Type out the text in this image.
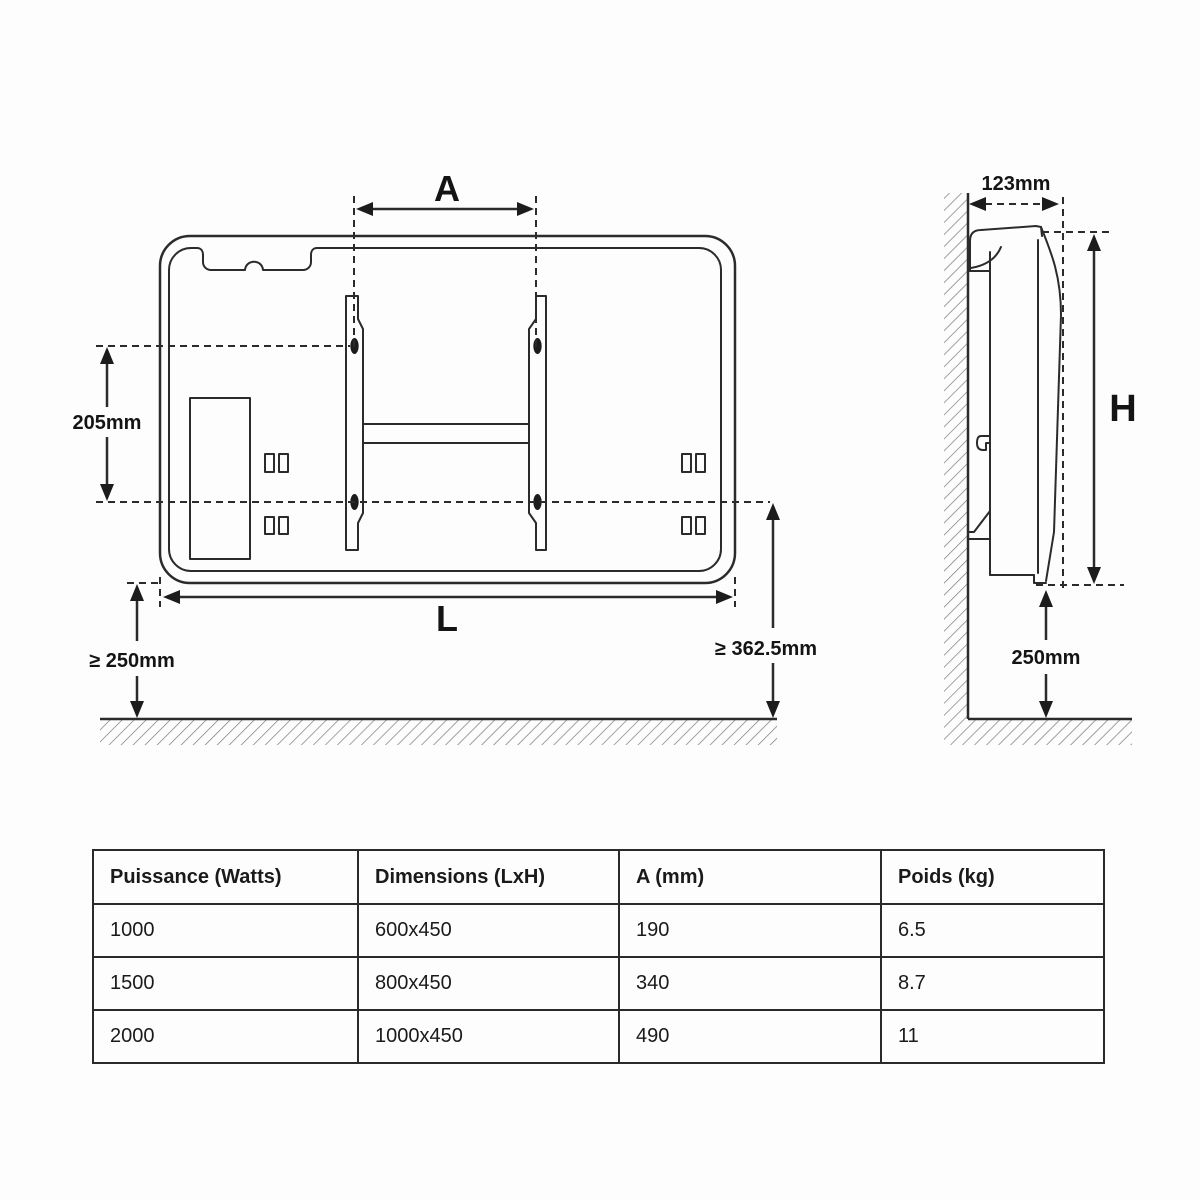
A
205mm
L
≥ 250mm
≥ 362.5mm
123mm
H
250mm
Puissance (Watts)	Dimensions (LxH)	A (mm)	Poids (kg)
1000	600x450	190	6.5
1500	800x450	340	8.7
2000	1000x450	490	11
